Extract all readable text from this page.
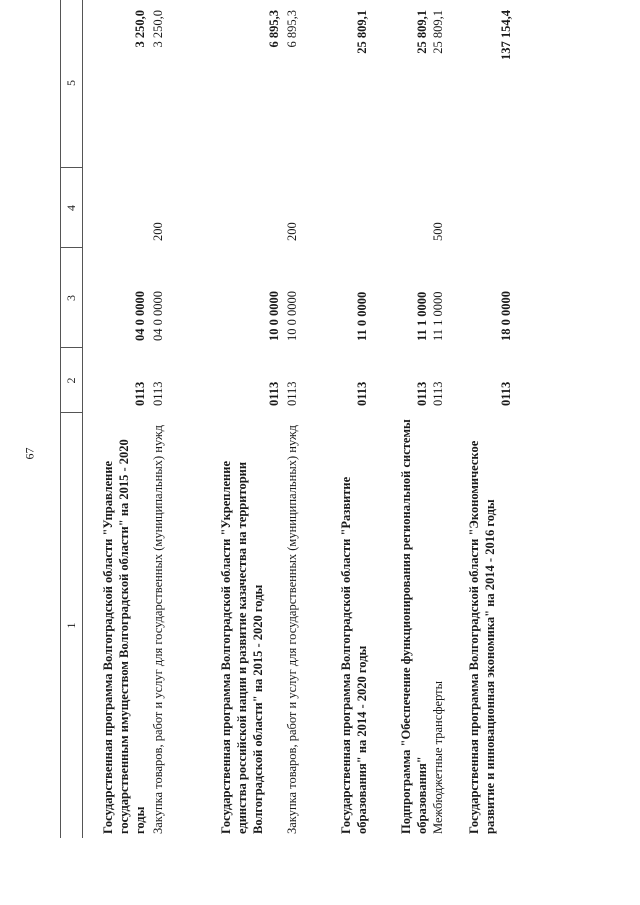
67
1
2
3
4
5
Государственная программа Волгоградской области "Управление государственным имуществом Волгоградской области" на 2015 - 2020 годы
0113
04 0 0000
3 250,0
Закупка товаров, работ и услуг для государственных (муниципальных) нужд
0113
04 0 0000
200
3 250,0
Государственная программа Волгоградской области "Укрепление единства российской нации и развитие казачества на территории Волгоградской области" на 2015 - 2020 годы
0113
10 0 0000
6 895,3
Закупка товаров, работ и услуг для государственных (муниципальных) нужд
0113
10 0 0000
200
6 895,3
Государственная программа Волгоградской области "Развитие образования" на 2014 - 2020 годы
0113
11 0 0000
25 809,1
Подпрограмма "Обеспечение функционирования региональной системы образования"
0113
11 1 0000
25 809,1
Межбюджетные трансферты
0113
11 1 0000
500
25 809,1
Государственная программа Волгоградской области "Экономическое развитие и инновационная экономика" на 2014 - 2016 годы
0113
18 0 0000
137 154,4
